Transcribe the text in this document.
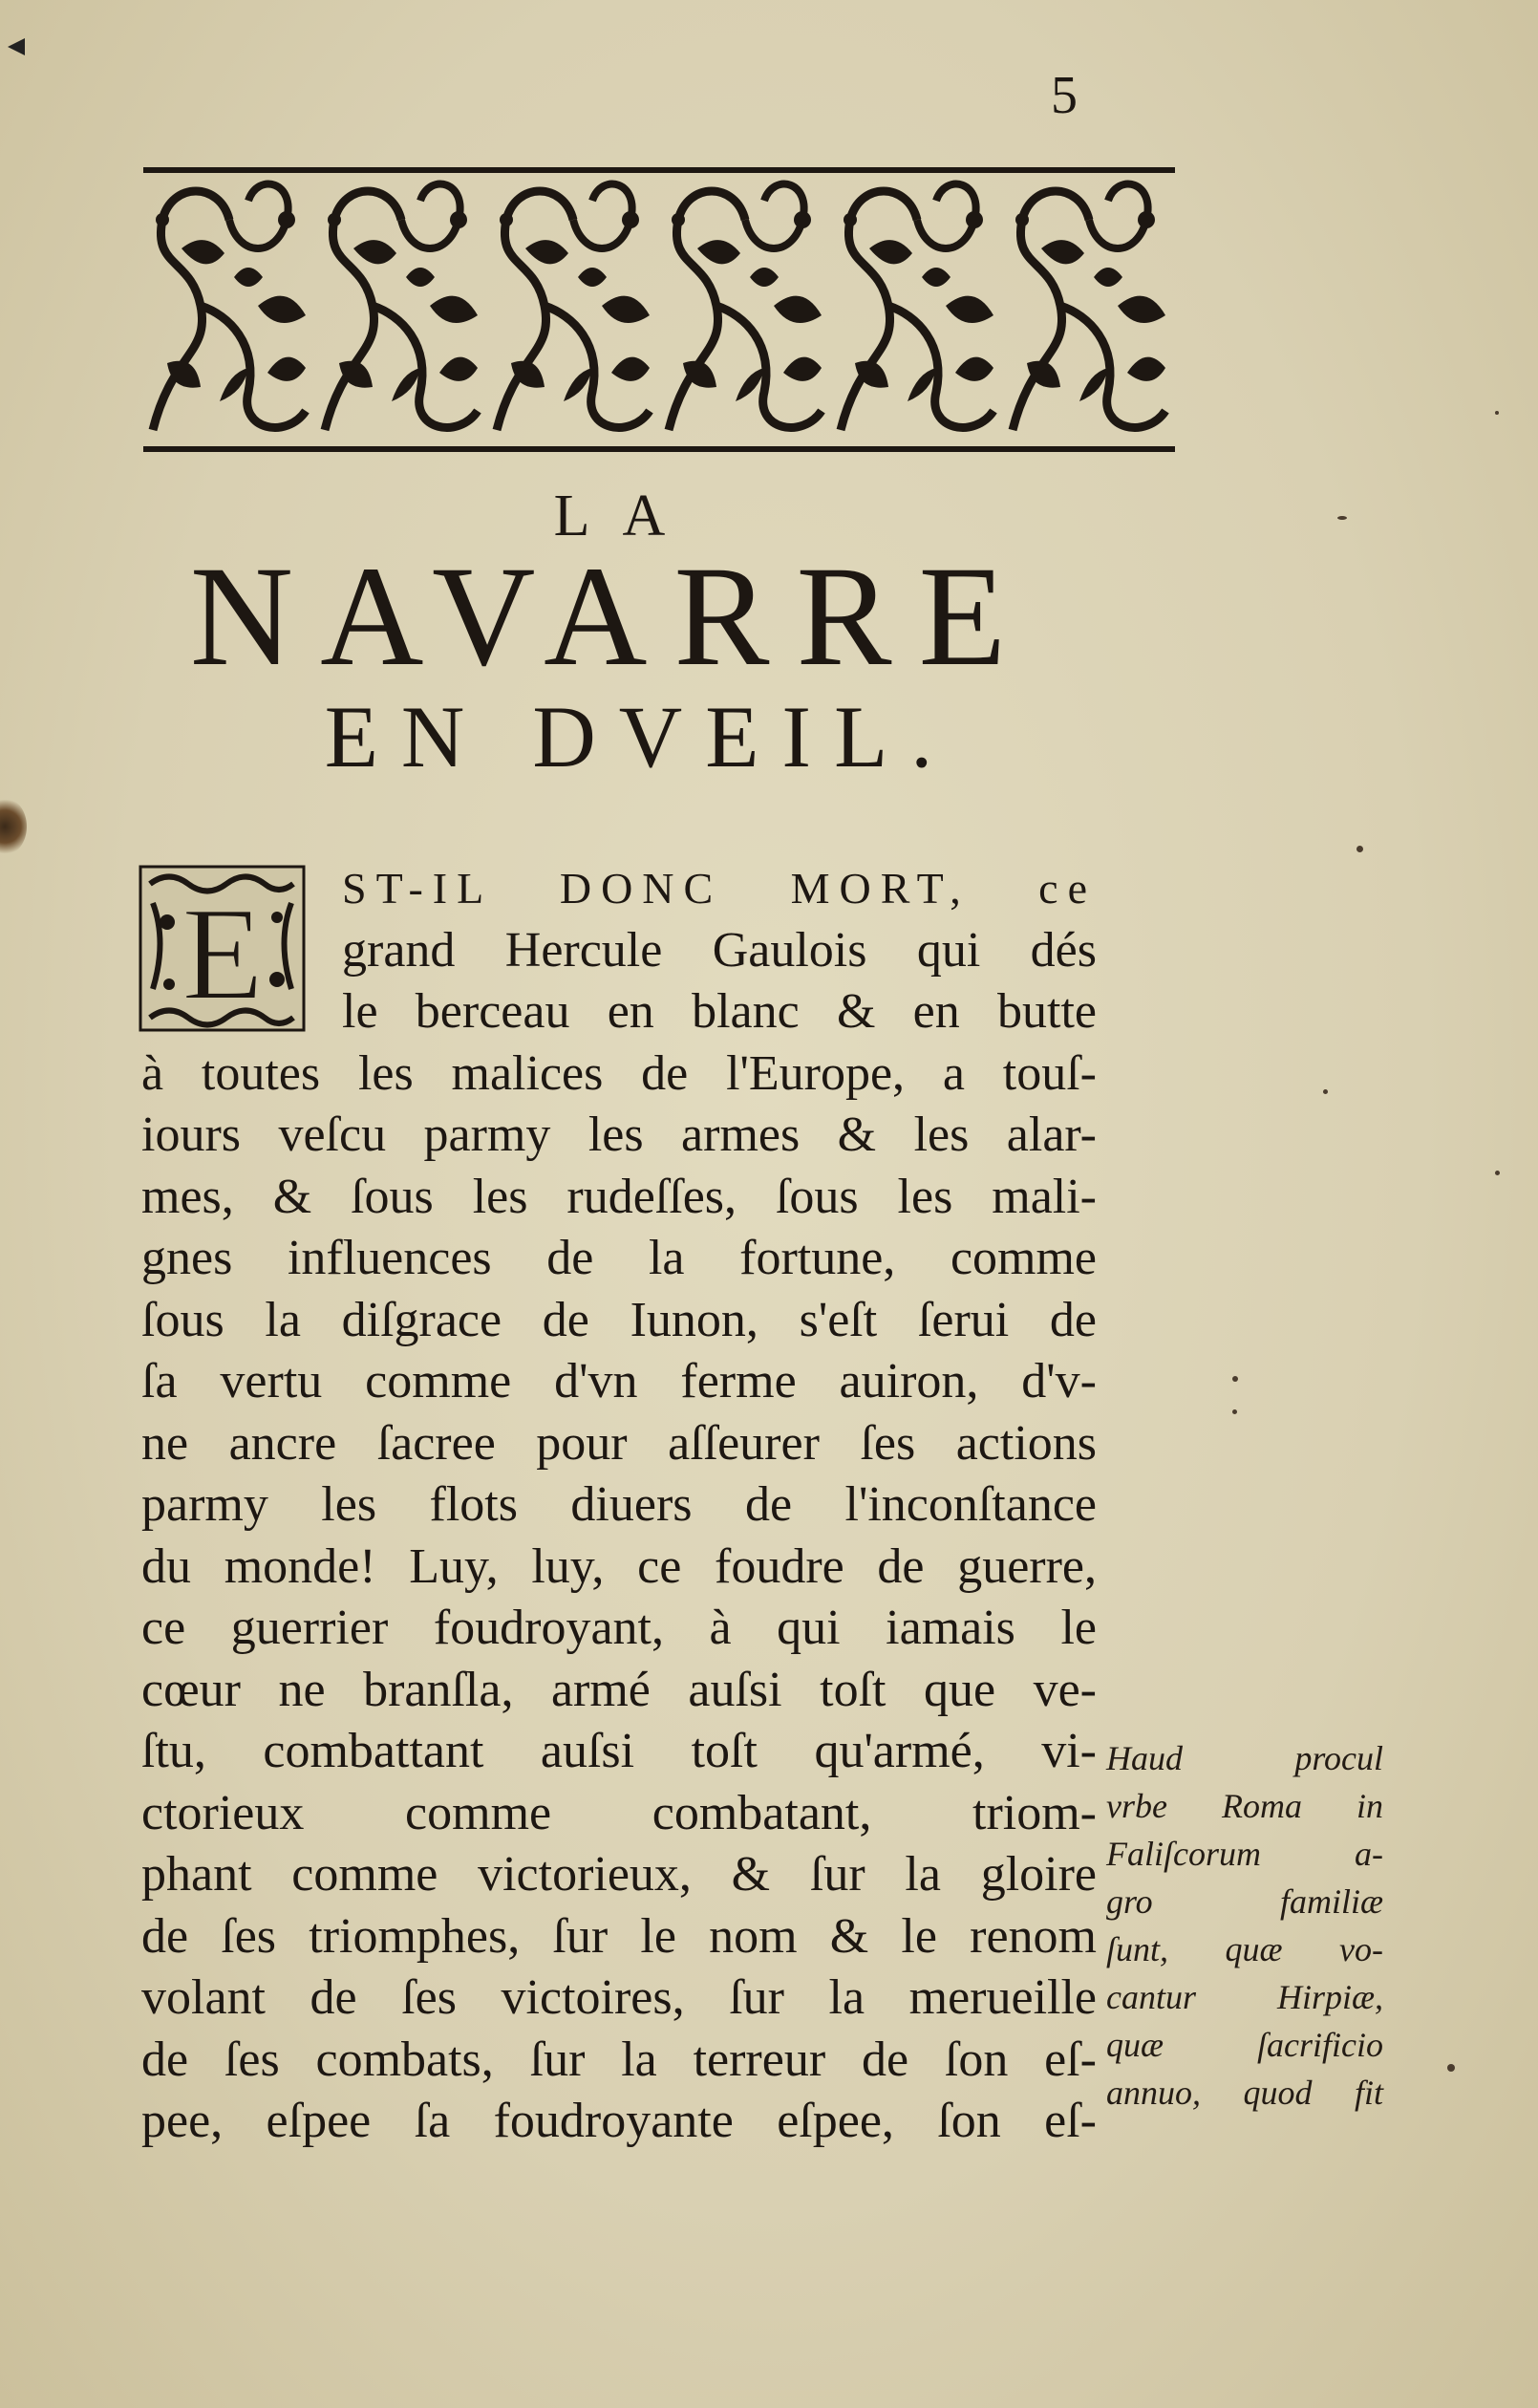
5
LA
NAVARRE
EN DVEIL.
E	ST-IL DONC MORT, ce
grand Hercule Gaulois qui dés
le berceau en blanc & en butte
à toutes les malices de l'Europe, a touſ-
iours veſcu parmy les armes & les alar-
mes, & ſous les rudeſſes, ſous les mali-
gnes influences de la fortune, comme
ſous la diſgrace de Iunon, s'eſt ſerui de
ſa vertu comme d'vn ferme auiron, d'v-
ne ancre ſacree pour aſſeurer ſes actions
parmy les flots diuers de l'inconſtance
du monde! Luy, luy, ce foudre de guerre,
ce guerrier foudroyant, à qui iamais le
cœur ne branſla, armé auſsi toſt que ve-
ſtu, combattant auſsi toſt qu'armé, vi-
ctorieux comme combatant, triom-
phant comme victorieux, & ſur la gloire
de ſes triomphes, ſur le nom & le renom
volant de ſes victoires, ſur la merueille
de ſes combats, ſur la terreur de ſon eſ-
pee, eſpee ſa foudroyante eſpee, ſon eſ-
Haud procul
vrbe Roma in
Faliſcorum a-
gro familiæ
ſunt, quæ vo-
cantur Hirpiæ,
quæ ſacrificio
annuo, quod fit
